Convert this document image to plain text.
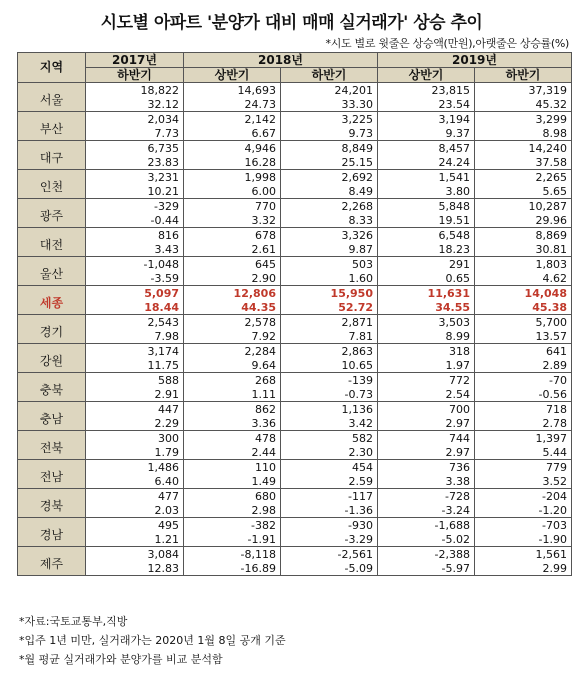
시도별 아파트 '분양가 대비 매매 실거래가' 상승 추이
*시도 별로 윗줄은 상승액(만원),아랫줄은 상승률(%)
지역	2017년	2018년		2019년	
	하반기	상반기	하반기	상반기	하반기
서울	18,822	14,693	24,201	23,815	37,319
	32.12	24.73	33.30	23.54	45.32
부산	2,034	2,142	3,225	3,194	3,299
	7.73	6.67	9.73	9.37	8.98
대구	6,735	4,946	8,849	8,457	14,240
	23.83	16.28	25.15	24.24	37.58
인천	3,231	1,998	2,692	1,541	2,265
	10.21	6.00	8.49	3.80	5.65
광주	-329	770	2,268	5,848	10,287
	-0.44	3.32	8.33	19.51	29.96
대전	816	678	3,326	6,548	8,869
	3.43	2.61	9.87	18.23	30.81
울산	-1,048	645	503	291	1,803
	-3.59	2.90	1.60	0.65	4.62
세종	5,097	12,806	15,950	11,631	14,048
	18.44	44.35	52.72	34.55	45.38
경기	2,543	2,578	2,871	3,503	5,700
	7.98	7.92	7.81	8.99	13.57
강원	3,174	2,284	2,863	318	641
	11.75	9.64	10.65	1.97	2.89
충북	588	268	-139	772	-70
	2.91	1.11	-0.73	2.54	-0.56
충남	447	862	1,136	700	718
	2.29	3.36	3.42	2.97	2.78
전북	300	478	582	744	1,397
	1.79	2.44	2.30	2.97	5.44
전남	1,486	110	454	736	779
	6.40	1.49	2.59	3.38	3.52
경북	477	680	-117	-728	-204
	2.03	2.98	-1.36	-3.24	-1.20
경남	495	-382	-930	-1,688	-703
	1.21	-1.91	-3.29	-5.02	-1.90
제주	3,084	-8,118	-2,561	-2,388	1,561
	12.83	-16.89	-5.09	-5.97	2.99
*자료:국토교통부,직방
*입주 1년 미만, 실거래가는 2020년 1월 8일 공개 기준
*월 평균 실거래가와 분양가를 비교 분석함
